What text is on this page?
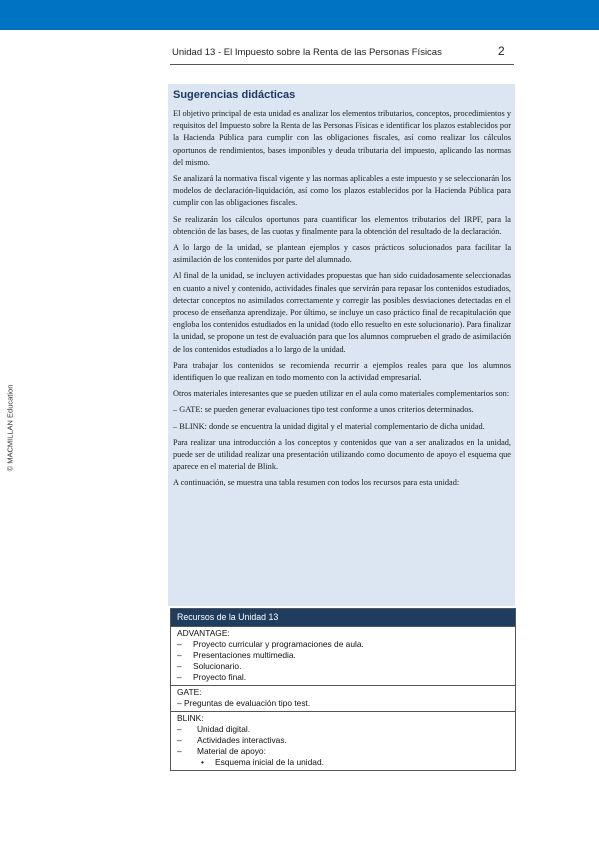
Unidad 13 - El Impuesto sobre la Renta de las Personas Físicas	2
© MACMILLAN Education
Sugerencias didácticas

El objetivo principal de esta unidad es analizar los elementos tributarios, conceptos, procedimientos y requisitos del Impuesto sobre la Renta de las Personas Físicas e identificar los plazos establecidos por la Hacienda Pública para cumplir con las obligaciones fiscales, así como realizar los cálculos oportunos de rendimientos, bases imponibles y deuda tributaria del impuesto, aplicando las normas del mismo.

Se analizará la normativa fiscal vigente y las normas aplicables a este impuesto y se seleccionarán los modelos de declaración-liquidación, así como los plazos establecidos por la Hacienda Pública para cumplir con las obligaciones fiscales.

Se realizarán los cálculos oportunos para cuantificar los elementos tributarios del IRPF, para la obtención de las bases, de las cuotas y finalmente para la obtención del resultado de la declaración.

A lo largo de la unidad, se plantean ejemplos y casos prácticos solucionados para facilitar la asimilación de los contenidos por parte del alumnado.

Al final de la unidad, se incluyen actividades propuestas que han sido cuidadosamente seleccionadas en cuanto a nivel y contenido, actividades finales que servirán para repasar los contenidos estudiados, detectar conceptos no asimilados correctamente y corregir las posibles desviaciones detectadas en el proceso de enseñanza aprendizaje. Por último, se incluye un caso práctico final de recapitulación que engloba los contenidos estudiados en la unidad (todo ello resuelto en este solucionario). Para finalizar la unidad, se propone un test de evaluación para que los alumnos comprueben el grado de asimilación de los contenidos estudiados a lo largo de la unidad.

Para trabajar los contenidos se recomienda recurrir a ejemplos reales para que los alumnos identifiquen lo que realizan en todo momento con la actividad empresarial.

Otros materiales interesantes que se pueden utilizar en el aula como materiales complementarios son:

– GATE: se pueden generar evaluaciones tipo test conforme a unos criterios determinados.

– BLINK: donde se encuentra la unidad digital y el material complementario de dicha unidad.

Para realizar una introducción a los conceptos y contenidos que van a ser analizados en la unidad, puede ser de utilidad realizar una presentación utilizando como documento de apoyo el esquema que aparece en el material de Blink.

A continuación, se muestra una tabla resumen con todos los recursos para esta unidad:

Recursos de la Unidad 13
ADVANTAGE:
– Proyecto curricular y programaciones de aula.
– Presentaciones multimedia.
– Solucionario.
– Proyecto final.
GATE:
– Preguntas de evaluación tipo test.
BLINK:
– Unidad digital.
– Actividades interactivas.
– Material de apoyo:
• Esquema inicial de la unidad.
